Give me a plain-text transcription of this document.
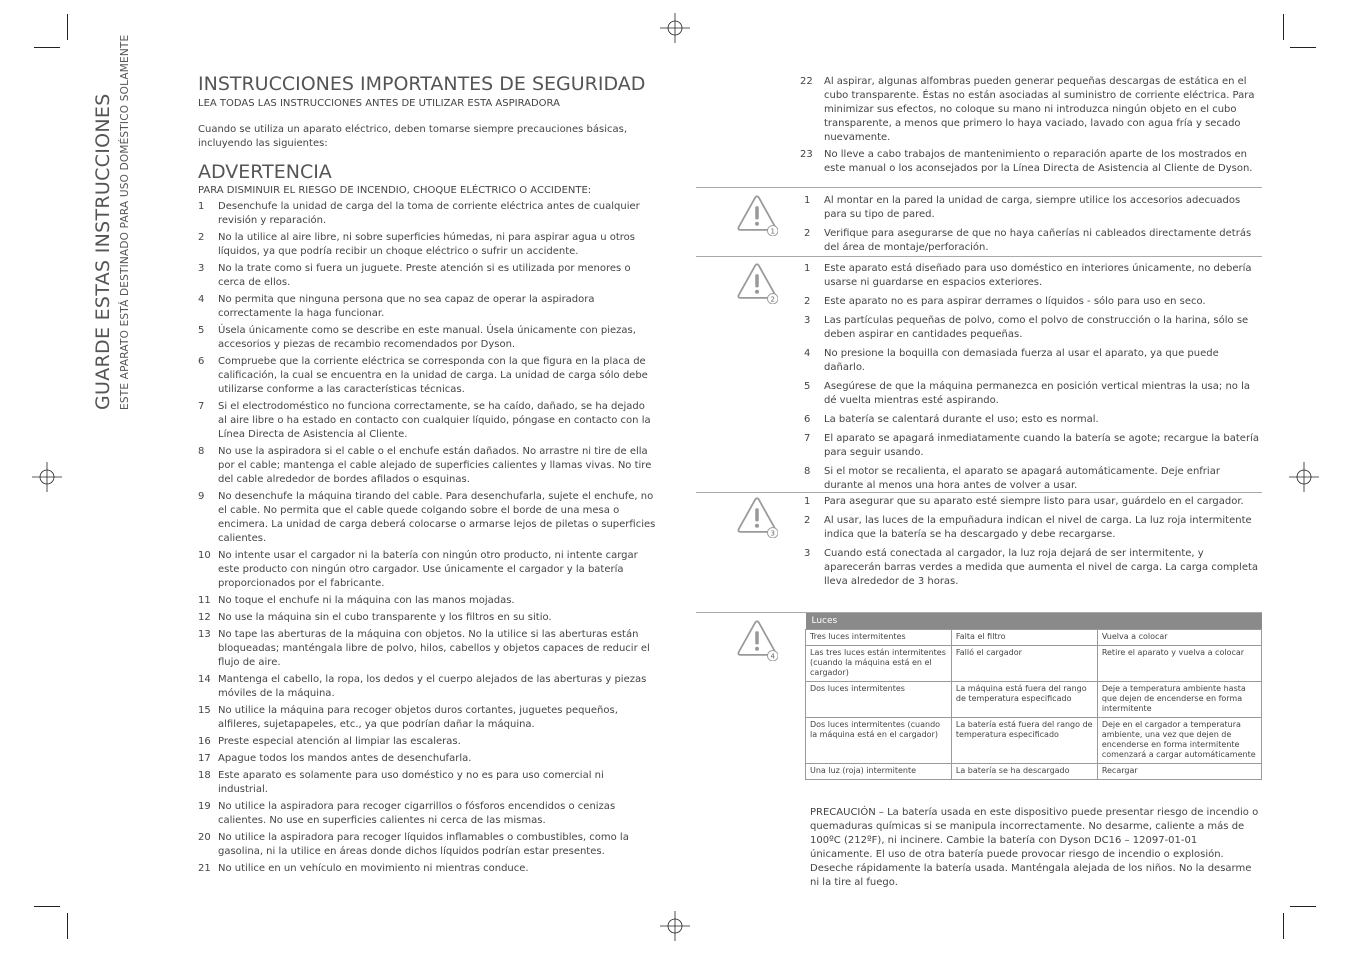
GUARDE ESTAS INSTRUCCIONES ESTE APARATO ESTÁ DESTINADO PARA USO DOMÉSTICO SOLAMENTE	INSTRUCCIONES IMPORTANTES DE SEGURIDAD
LEA TODAS LAS INSTRUCCIONES ANTES DE UTILIZAR ESTA ASPIRADORA

Cuando se utiliza un aparato eléctrico, deben tomarse siempre precauciones básicas, incluyendo las siguientes:

ADVERTENCIA
PARA DISMINUIR EL RIESGO DE INCENDIO, CHOQUE ELÉCTRICO O ACCIDENTE:
1	Desenchufe la unidad de carga del la toma de corriente eléctrica antes de cualquier revisión y reparación.
2	No la utilice al aire libre, ni sobre superficies húmedas, ni para aspirar agua u otros líquidos, ya que podría recibir un choque eléctrico o sufrir un accidente.
3	No la trate como si fuera un juguete. Preste atención si es utilizada por menores o cerca de ellos.
4	No permita que ninguna persona que no sea capaz de operar la aspiradora correctamente la haga funcionar.
5	Úsela únicamente como se describe en este manual. Úsela únicamente con piezas, accesorios y piezas de recambio recomendados por Dyson.
6	Compruebe que la corriente eléctrica se corresponda con la que figura en la placa de calificación, la cual se encuentra en la unidad de carga. La unidad de carga sólo debe utilizarse conforme a las características técnicas.
7	Si el electrodoméstico no funciona correctamente, se ha caído, dañado, se ha dejado al aire libre o ha estado en contacto con cualquier líquido, póngase en contacto con la Línea Directa de Asistencia al Cliente.
8	No use la aspiradora si el cable o el enchufe están dañados. No arrastre ni tire de ella por el cable; mantenga el cable alejado de superficies calientes y llamas vivas. No tire del cable alrededor de bordes afilados o esquinas.
9	No desenchufe la máquina tirando del cable. Para desenchufarla, sujete el enchufe, no el cable. No permita que el cable quede colgando sobre el borde de una mesa o encimera. La unidad de carga deberá colocarse o armarse lejos de piletas o superficies calientes.
10 No intente usar el cargador ni la batería con ningún otro producto, ni intente cargar este producto con ningún otro cargador. Use únicamente el cargador y la batería proporcionados por el fabricante.
11 No toque el enchufe ni la máquina con las manos mojadas.
12 No use la máquina sin el cubo transparente y los filtros en su sitio.
13 No tape las aberturas de la máquina con objetos. No la utilice si las aberturas están bloqueadas; manténgala libre de polvo, hilos, cabellos y objetos capaces de reducir el flujo de aire.
14 Mantenga el cabello, la ropa, los dedos y el cuerpo alejados de las aberturas y piezas móviles de la máquina.
15 No utilice la máquina para recoger objetos duros cortantes, juguetes pequeños, alfileres, sujetapapeles, etc., ya que podrían dañar la máquina.
16 Preste especial atención al limpiar las escaleras.
17 Apague todos los mandos antes de desenchufarla.
18 Este aparato es solamente para uso doméstico y no es para uso comercial ni industrial.
19 No utilice la aspiradora para recoger cigarrillos o fósforos encendidos o cenizas calientes. No use en superficies calientes ni cerca de las mismas.
20 No utilice la aspiradora para recoger líquidos inflamables o combustibles, como la gasolina, ni la utilice en áreas donde dichos líquidos podrían estar presentes.
21 No utilice en un vehículo en movimiento ni mientras conduce.
22	Al aspirar, algunas alfombras pueden generar pequeñas descargas de estática en el cubo transparente. Éstas no están asociadas al suministro de corriente eléctrica. Para minimizar sus efectos, no coloque su mano ni introduzca ningún objeto en el cubo transparente, a menos que primero lo haya vaciado, lavado con agua fría y secado nuevamente.
23	No lleve a cabo trabajos de mantenimiento o reparación aparte de los mostrados en este manual o los aconsejados por la Línea Directa de Asistencia al Cliente de Dyson.
1
1	Al montar en la pared la unidad de carga, siempre utilice los accesorios adecuados para su tipo de pared.
2	Verifique para asegurarse de que no haya cañerías ni cableados directamente detrás del área de montaje/perforación.
2
1	Este aparato está diseñado para uso doméstico en interiores únicamente, no debería usarse ni guardarse en espacios exteriores.
2	Este aparato no es para aspirar derrames o líquidos - sólo para uso en seco.
3	Las partículas pequeñas de polvo, como el polvo de construcción o la harina, sólo se deben aspirar en cantidades pequeñas.
4	No presione la boquilla con demasiada fuerza al usar el aparato, ya que puede dañarlo.
5	Asegúrese de que la máquina permanezca en posición vertical mientras la usa; no la dé vuelta mientras esté aspirando.
6	La batería se calentará durante el uso; esto es normal.
7	El aparato se apagará inmediatamente cuando la batería se agote; recargue la batería para seguir usando.
8	Si el motor se recalienta, el aparato se apagará automáticamente. Deje enfriar durante al menos una hora antes de volver a usar.
3
1	Para asegurar que su aparato esté siempre listo para usar, guárdelo en el cargador.
2	Al usar, las luces de la empuñadura indican el nivel de carga. La luz roja intermitente indica que la batería se ha descargado y debe recargarse.
3	Cuando está conectada al cargador, la luz roja dejará de ser intermitente, y aparecerán barras verdes a medida que aumenta el nivel de carga. La carga completa lleva alrededor de 3 horas.
4
Luces		
Tres luces intermitentes	Falta el filtro	Vuelva a colocar
Las tres luces están intermitentes (cuando la máquina está en el cargador)	Falló el cargador	Retire el aparato y vuelva a colocar
Dos luces intermitentes	La máquina está fuera del rango de temperatura especificado	Deje a temperatura ambiente hasta que dejen de encenderse en forma intermitente
Dos luces intermitentes (cuando la máquina está en el cargador)	La batería está fuera del rango de temperatura especificado	Deje en el cargador a temperatura ambiente, una vez que dejen de encenderse en forma intermitente comenzará a cargar automáticamente
Una luz (roja) intermitente	La batería se ha descargado	Recargar
PRECAUCIÓN – La batería usada en este dispositivo puede presentar riesgo de incendio o quemaduras químicas si se manipula incorrectamente. No desarme, caliente a más de 100ºC (212ºF), ni incinere. Cambie la batería con Dyson DC16 – 12097-01-01 únicamente. El uso de otra batería puede provocar riesgo de incendio o explosión. Deseche rápidamente la batería usada. Manténgala alejada de los niños. No la desarme ni la tire al fuego.
